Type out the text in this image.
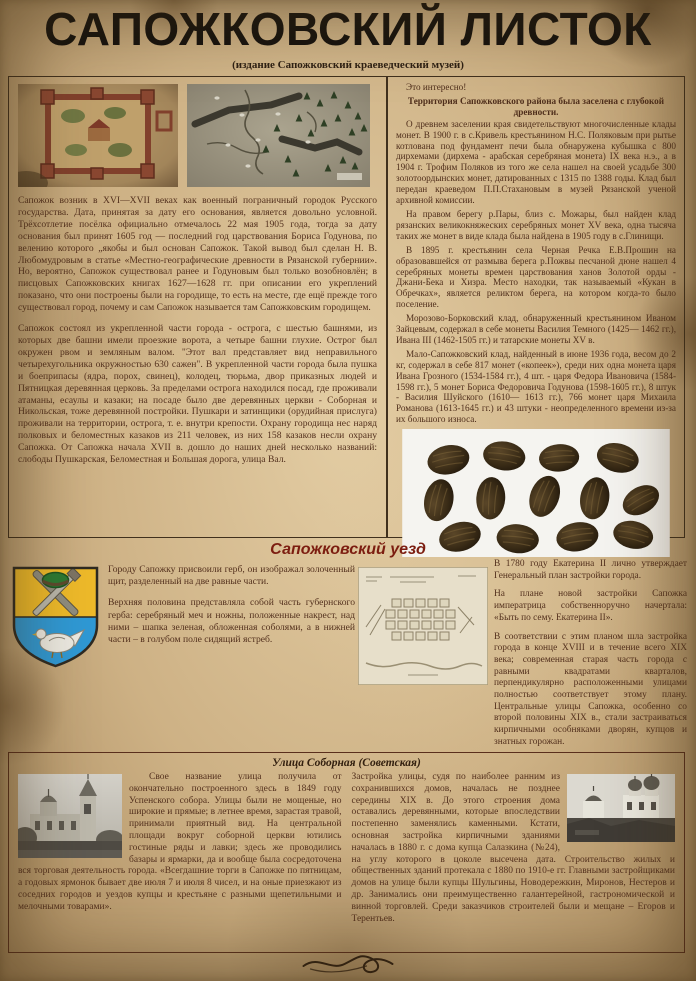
САПОЖКОВСКИЙ ЛИСТОК
(издание Сапожковский краеведческий музей)

Сапожок возник в XVI—XVII веках как военный пограничный городок Русского государства. Дата, принятая за дату его основания, является довольно условной. Трёхсотлетие посёлка официально отмечалось 22 мая 1905 года, тогда за дату основания был принят 1605 год — последний год царствования Бориса Годунова, по велению которого „якобы и был основан Сапожок. Такой вывод был сделан Н. В. Любомудровым в статье «Местно-географические древности в Рязанской губернии». Но, вероятно, Сапожок существовал ранее и Годуновым был только возобновлён; в писцовых Сапожковских книгах 1627—1628 гг. при описании его укреплений показано, что они построены были на городище, то есть на месте, где ещё прежде того существовал город, почему и сам Сапожок называется там Сапожковским городищем.

Сапожок состоял из укрепленной части города - острога, с шестью башнями, из которых две башни имели проезжие ворота, а четыре башни глухие. Острог был окружен рвом и земляным валом. "Этот вал представляет вид неправильного четырехугольника окружностью 630 сажен". В укрепленной части города была пушка и боеприпасы (ядра, порох, свинец), колодец, тюрьма, двор приказных людей и Пятницкая деревянная церковь. За пределами острога находился посад, где проживали атаманы, есаулы и казаки; на посаде было две деревянных церкви - Соборная и Никольская, тоже деревянной постройки. Пушкари и затинщики (орудийная прислуга) проживали на территории, острога, т. е. внутри крепости. Охрану городища нес наряд полковых и беломестных казаков из 211 человек, из них 158 казаков несли охрану Сапожка. От Сапожка начала XVII в. дошло до наших дней несколько названий: слободы Пушкарская, Беломестная и Большая дорога, улица Вал.

Это интересно!

Территория Сапожковского района была заселена с глубокой древности.

О древнем заселении края свидетельствуют многочисленные клады монет. В 1900 г. в с.Кривель крестьянином Н.С. Поляковым при рытье котлована под фундамент печи была обнаружена кубышка с 800 дирхемами (дирхема - арабская серебряная монета) IX века н.э., а в 1904 г. Трофим Поляков из того же села нашел на своей усадьбе 300 золотоордынских монет, датированных с 1315 по 1388 годы. Клад был передан краеведом П.П.Стахановым в музей Рязанской ученой архивной комиссии.

На правом берегу р.Пары, близ с. Можары, был найден клад рязанских великокняжеских серебряных монет XV века, одна тысяча таких же монет в виде клада была найдена в 1905 году в с.Глинищи.

В 1895 г. крестьянин села Черная Речка Е.В.Прошин на образовавшейся от размыва берега р.Пожвы песчаной дюне нашел 4 серебряных монеты времен царствования ханов Золотой орды - Джани-Бека и Хизра. Место находки, так называемый «Кукан в Обречках», является реликтом берега, на котором когда-то было поселение.

Морозово-Борковский клад, обнаруженный крестьянином Иваном Зайцевым, содержал в себе монеты Василия Темного (1425— 1462 гг.), Ивана III (1462-1505 гг.) и татарские монеты XV в.

Мало-Сапожковский клад, найденный в июне 1936 года, весом до 2 кг, содержал в себе 817 монет («копеек»), среди них одна монета царя Ивана Грозного (1534-1584 гг.), 4 шт. - царя Федора Ивановича (1584-1598 гг.), 5 монет Бориса Федоровича Годунова (1598-1605 гг.), 8 штук - Василия Шуйского (1610— 1613 гг.), 766 монет царя Михаила Романова (1613-1645 гг.) и 43 штуки - неопределенного времени из-за их большого износа.

Сапожковский уезд

Городу Сапожку присвоили герб, он изображал золоченный щит, разделенный на две равные части.

Верхняя половина представляла собой часть губернского герба: серебряный меч и ножны, положенные накрест, над ними – шапка зеленая, обложенная соболями, а в нижней части – в голубом поле сидящий ястреб.

В 1780 году Екатерина II лично утверждает Генеральный план застройки города.

На плане новой застройки Сапожка императрица собственноручно начертала: «Быть по сему. Екатерина II».

В соответствии с этим планом шла застройка города в конце XVIII и в течение всего XIX века; современная старая часть города с равными квадратами кварталов, перпендикулярно расположенными улицами полностью соответствует этому плану. Центральные улицы Сапожка, особенно со второй половины XIX в., стали застраиваться кирпичными особняками дворян, купцов и знатных горожан.

Улица Соборная (Советская)

Свое название улица получила от окончательно построенного здесь в 1849 году Успенского собора. Улицы были не мощеные, но широкие и прямые; в летнее время, зарастая травой, принимали приятный вид. На центральной площади вокруг соборной церкви ютились гостиные ряды и лавки; здесь же проводились базары и ярмарки, да и вообще была сосредоточена вся торговая деятельность города. «Всегдашние торги в Сапожке по пятницам, а годовых ярмонок бывает две июля 7 и июля 8 чисел, и на оные приезжают из соседних городов и уездов купцы и крестьяне с разными щепетильными и мелочными товарами».

Застройка улицы, судя по наиболее ранним из сохранившихся домов, началась не позднее середины XIX в. До этого строения дома оставались деревянными, которые впоследствии постепенно заменялись каменными. Кстати, основная застройка кирпичными зданиями началась в 1880 г. с дома купца Салазкина (№24), на углу которого в цоколе высечена дата. Строительство жилых и общественных зданий протекала с 1880 по 1910-е гг. Главными застройщиками домов на улице были купцы Шульгины, Новодережкин, Миронов, Нестеров и др. Занимались они преимущественно галантерейной, гастрономической и винной торговлей. Среди заказчиков строителей были и мещане – Егоров и Терентьев.
